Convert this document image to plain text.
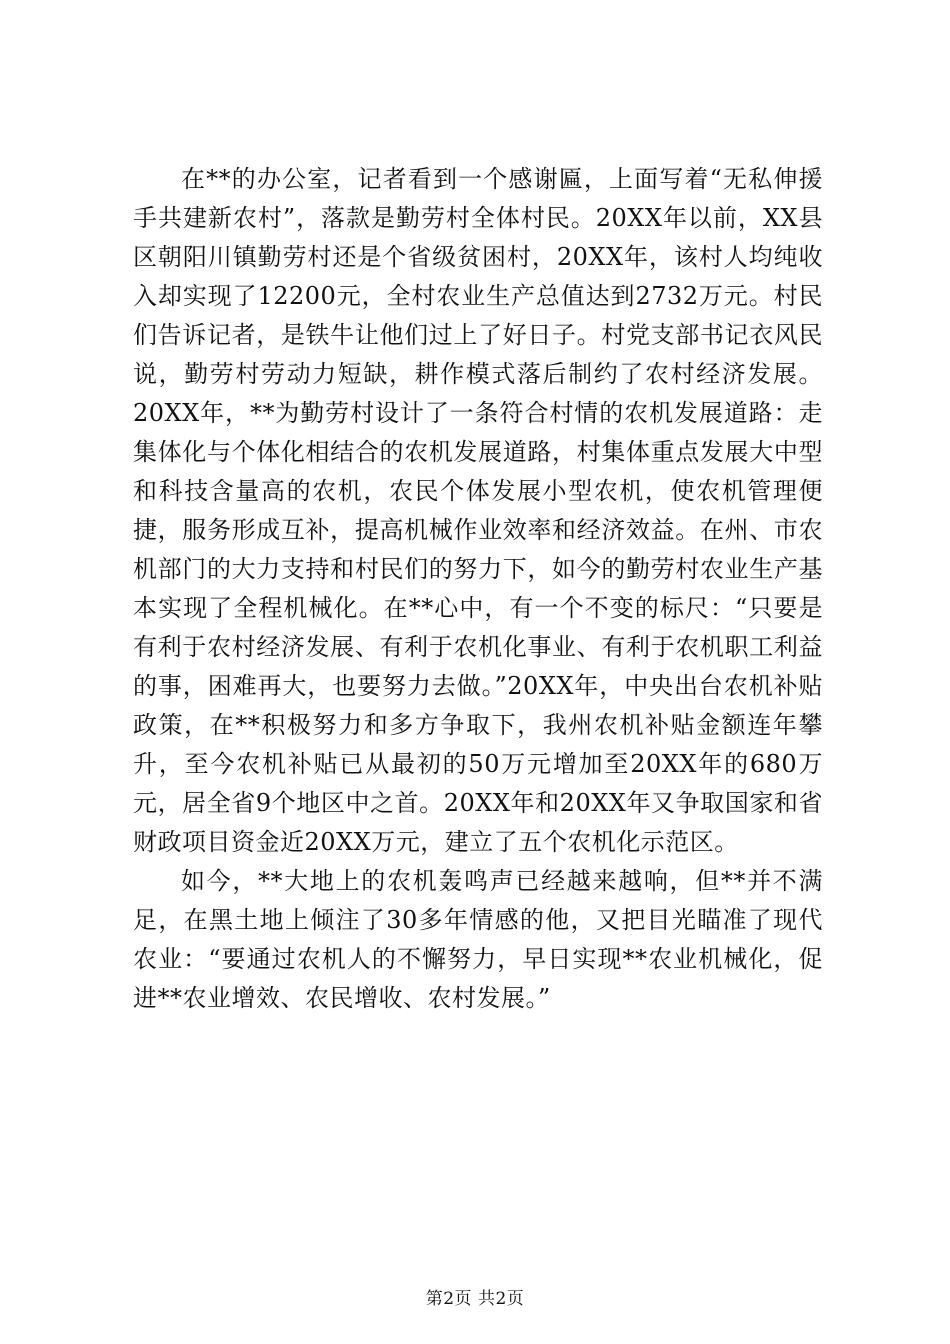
在**的办公室，记者看到一个感谢匾，上面写着“无私伸援手共建新农村”，落款是勤劳村全体村民。20XX年以前，XX县区朝阳川镇勤劳村还是个省级贫困村，20XX年，该村人均纯收入却实现了12200元，全村农业生产总值达到2732万元。村民们告诉记者，是铁牛让他们过上了好日子。村党支部书记衣风民说，勤劳村劳动力短缺，耕作模式落后制约了农村经济发展。20XX年，**为勤劳村设计了一条符合村情的农机发展道路：走集体化与个体化相结合的农机发展道路，村集体重点发展大中型和科技含量高的农机，农民个体发展小型农机，使农机管理便捷，服务形成互补，提高机械作业效率和经济效益。在州、市农机部门的大力支持和村民们的努力下，如今的勤劳村农业生产基本实现了全程机械化。在**心中，有一个不变的标尺：“只要是有利于农村经济发展、有利于农机化事业、有利于农机职工利益的事，困难再大，也要努力去做。”20XX年，中央出台农机补贴政策，在**积极努力和多方争取下，我州农机补贴金额连年攀升，至今农机补贴已从最初的50万元增加至20XX年的680万元，居全省9个地区中之首。20XX年和20XX年又争取国家和省财政项目资金近20XX万元，建立了五个农机化示范区。

如今，**大地上的农机轰鸣声已经越来越响，但**并不满足，在黑土地上倾注了30多年情感的他，又把目光瞄准了现代农业：“要通过农机人的不懈努力，早日实现**农业机械化，促进**农业增效、农民增收、农村发展。”

第2页 共2页
